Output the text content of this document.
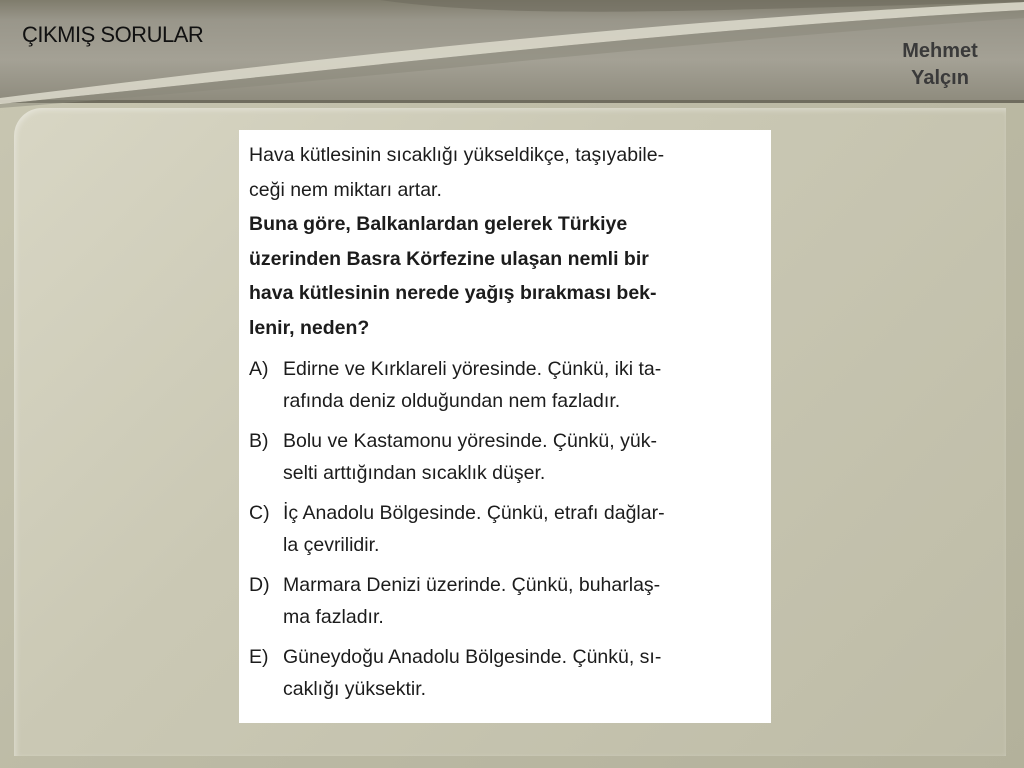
ÇIKMIŞ SORULAR
Mehmet
Yalçın

Hava kütlesinin sıcaklığı yükseldikçe, taşıyabile-

ceği nem miktarı artar.

Buna göre, Balkanlardan gelerek Türkiye

üzerinden Basra Körfezine ulaşan nemli bir

hava kütlesinin nerede yağış bırakması bek-

lenir, neden?

A) Edirne ve Kırklareli yöresinde. Çünkü, iki ta-
rafında deniz olduğundan nem fazladır.
B) Bolu ve Kastamonu yöresinde. Çünkü, yük-
selti arttığından sıcaklık düşer.
C) İç Anadolu Bölgesinde. Çünkü, etrafı dağlar-
la çevrilidir.
D) Marmara Denizi üzerinde. Çünkü, buharlaş-
ma fazladır.
E) Güneydoğu Anadolu Bölgesinde. Çünkü, sı-
caklığı yüksektir.
